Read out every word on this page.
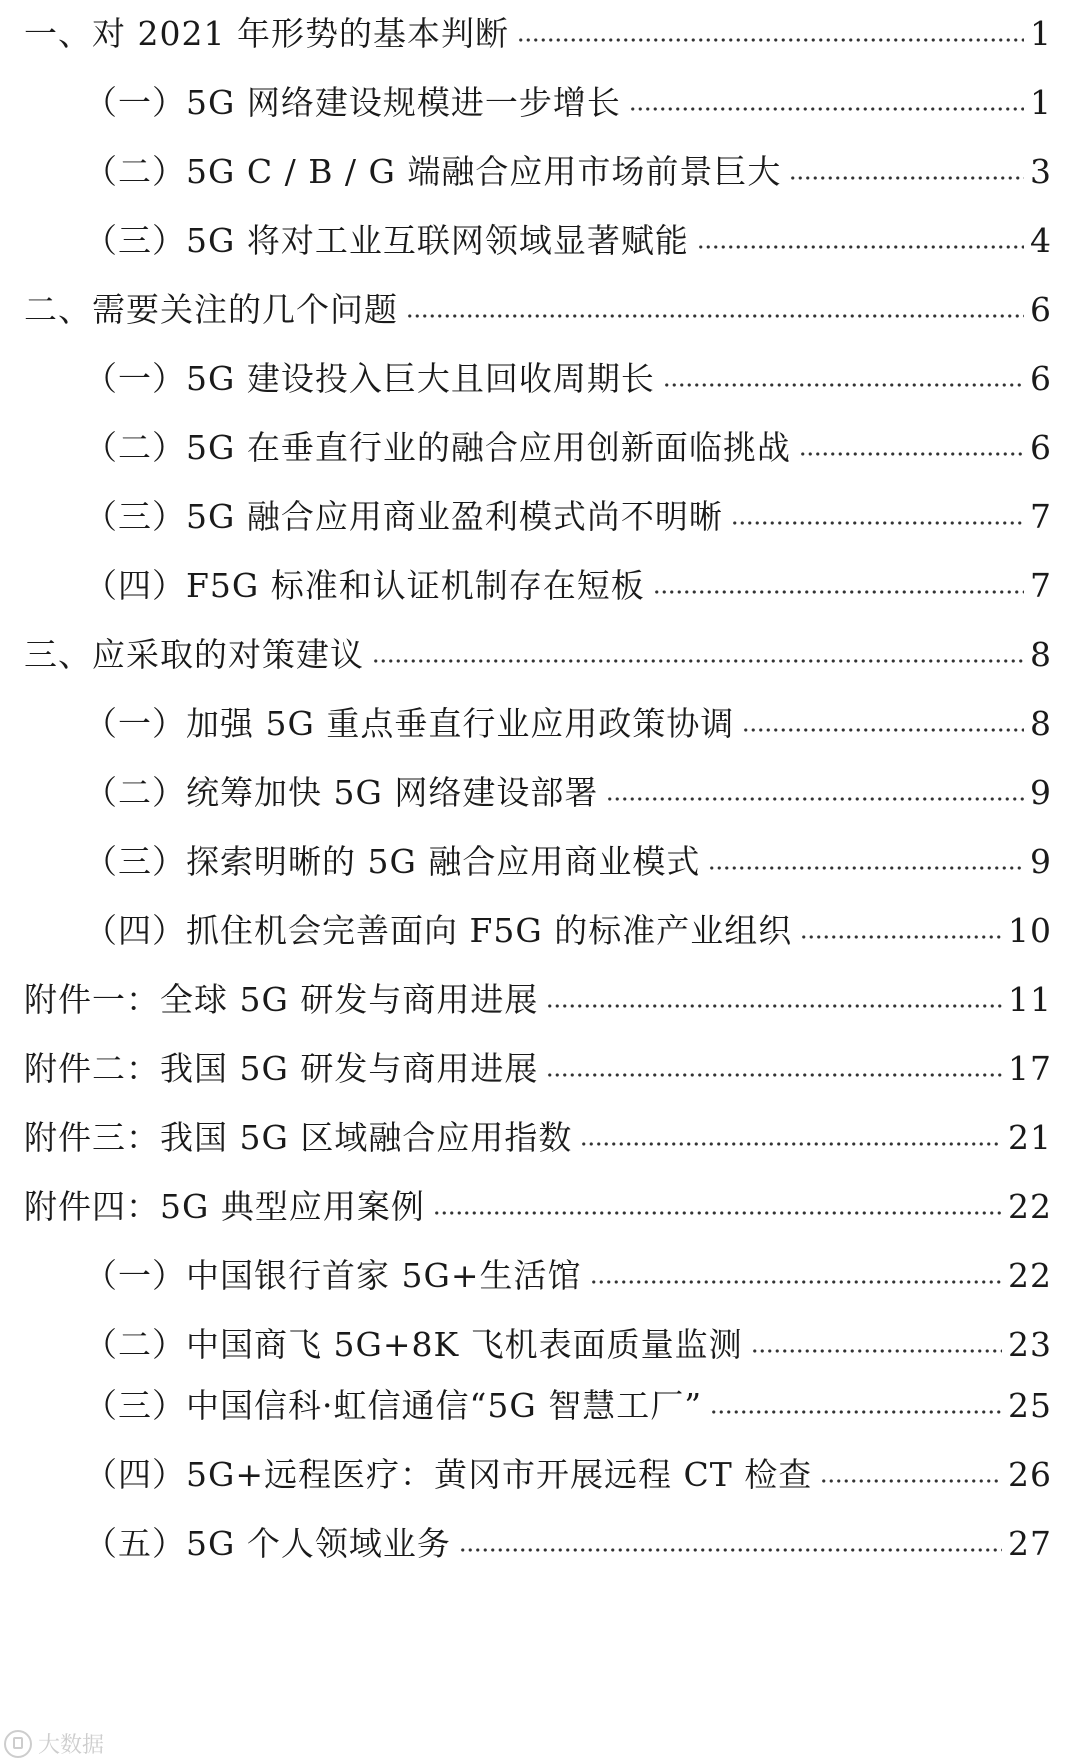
一、对 2021 年形势的基本判断	1
（一）5G 网络建设规模进一步增长	1
（二）5G C / B / G 端融合应用市场前景巨大	3
（三）5G 将对工业互联网领域显著赋能	4
二、需要关注的几个问题	6
（一）5G 建设投入巨大且回收周期长	6
（二）5G 在垂直行业的融合应用创新面临挑战	6
（三）5G 融合应用商业盈利模式尚不明晰	7
（四）F5G 标准和认证机制存在短板	7
三、应采取的对策建议	8
（一）加强 5G 重点垂直行业应用政策协调	8
（二）统筹加快 5G 网络建设部署	9
（三）探索明晰的 5G 融合应用商业模式	9
（四）抓住机会完善面向 F5G 的标准产业组织	10
附件一：全球 5G 研发与商用进展	11
附件二：我国 5G 研发与商用进展	17
附件三：我国 5G 区域融合应用指数	21
附件四：5G 典型应用案例	22
（一）中国银行首家 5G+生活馆	22
（二）中国商飞 5G+8K 飞机表面质量监测	23
（三）中国信科·虹信通信“5G 智慧工厂”	25
（四）5G+远程医疗：黄冈市开展远程 CT 检查	26
（五）5G 个人领域业务	27
大数据
